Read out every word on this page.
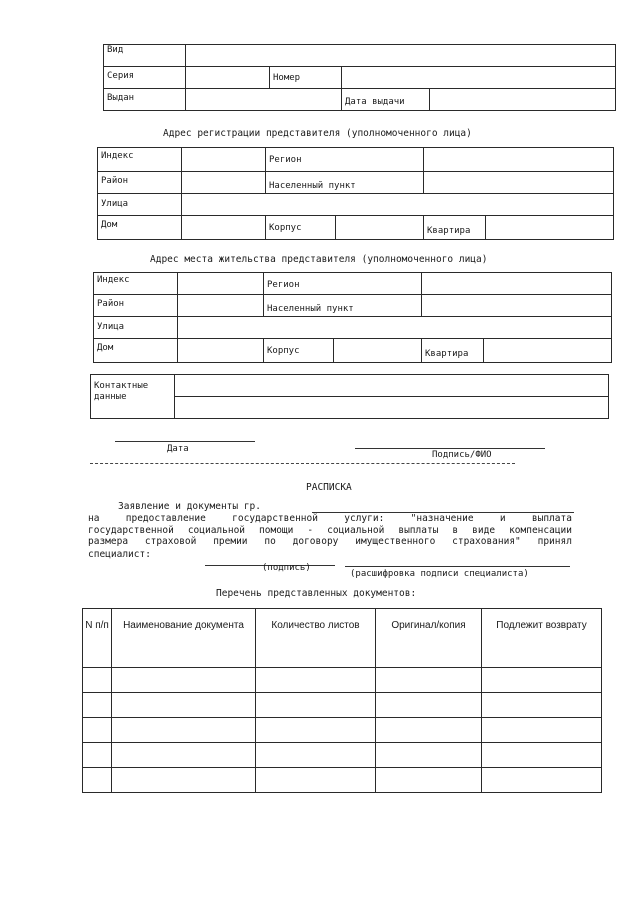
Вид				
Серия		Номер		
Выдан			Дата выдачи	
Адрес регистрации представителя (уполномоченного лица)
Индекс		Регион			
Район		Населенный пункт			
Улица					
Дом		Корпус		Квартира	
Адрес места жительства представителя (уполномоченного лица)
Индекс		Регион			
Район		Населенный пункт			
Улица					
Дом		Корпус		Квартира	
Контактные
данные

Дата
Подпись/ФИО
РАСПИСКА
Заявление и документы гр.
на	предоставление	государственной	услуги:	"назначение	и	выплата
государственной социальной помощи - социальной выплаты в виде компенсации
размера страховой премии по договору имущественного страхования" принял
специалист:
(подпись)
(расшифровка подписи специалиста)
Перечень представленных документов:
N п/п	Наименование документа	Количество листов	Оригинал/копия	Подлежит возврату
